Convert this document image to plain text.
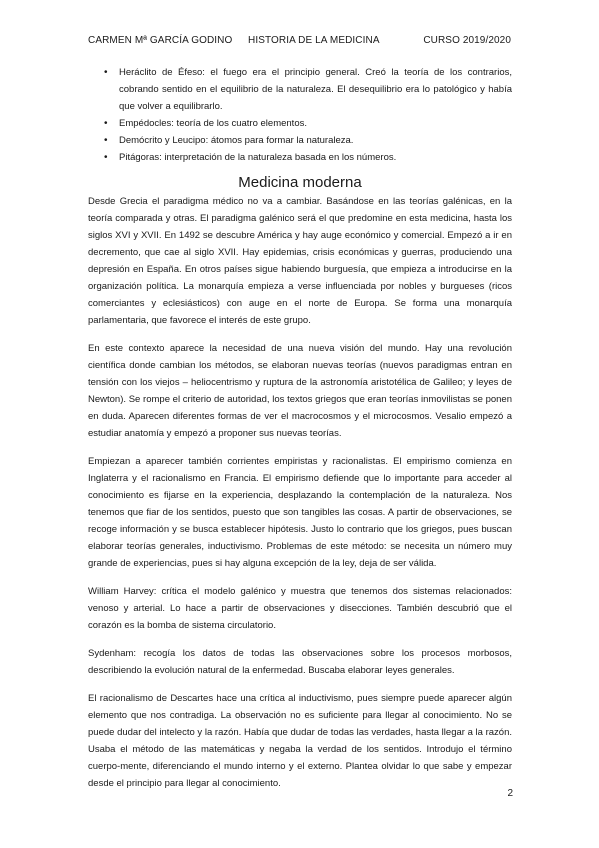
CARMEN Mª GARCÍA GODINO	HISTORIA DE LA MEDICINA	CURSO 2019/2020
• Heráclito de Éfeso: el fuego era el principio general. Creó la teoría de los contrarios, cobrando sentido en el equilibrio de la naturaleza. El desequilibrio era lo patológico y había que volver a equilibrarlo.
• Empédocles: teoría de los cuatro elementos.
• Demócrito y Leucipo: átomos para formar la naturaleza.
• Pitágoras: interpretación de la naturaleza basada en los números.
Medicina moderna

Desde Grecia el paradigma médico no va a cambiar. Basándose en las teorías galénicas, en la teoría comparada y otras. El paradigma galénico será el que predomine en esta medicina, hasta los siglos XVI y XVII. En 1492 se descubre América y hay auge económico y comercial. Empezó a ir en decremento, que cae al siglo XVII. Hay epidemias, crisis económicas y guerras, produciendo una depresión en España. En otros países sigue habiendo burguesía, que empieza a introducirse en la organización política. La monarquía empieza a verse influenciada por nobles y burgueses (ricos comerciantes y eclesiásticos) con auge en el norte de Europa. Se forma una monarquía parlamentaria, que favorece el interés de este grupo.

En este contexto aparece la necesidad de una nueva visión del mundo. Hay una revolución científica donde cambian los métodos, se elaboran nuevas teorías (nuevos paradigmas entran en tensión con los viejos – heliocentrismo y ruptura de la astronomía aristotélica de Galileo; y leyes de Newton). Se rompe el criterio de autoridad, los textos griegos que eran teorías inmovilistas se ponen en duda. Aparecen diferentes formas de ver el macrocosmos y el microcosmos. Vesalio empezó a estudiar anatomía y empezó a proponer sus nuevas teorías.

Empiezan a aparecer también corrientes empiristas y racionalistas. El empirismo comienza en Inglaterra y el racionalismo en Francia. El empirismo defiende que lo importante para acceder al conocimiento es fijarse en la experiencia, desplazando la contemplación de la naturaleza. Nos tenemos que fiar de los sentidos, puesto que son tangibles las cosas. A partir de observaciones, se recoge información y se busca establecer hipótesis. Justo lo contrario que los griegos, pues buscan elaborar teorías generales, inductivismo. Problemas de este método: se necesita un número muy grande de experiencias, pues si hay alguna excepción de la ley, deja de ser válida.

William Harvey: crítica el modelo galénico y muestra que tenemos dos sistemas relacionados: venoso y arterial. Lo hace a partir de observaciones y disecciones. También descubrió que el corazón es la bomba de sistema circulatorio.

Sydenham: recogía los datos de todas las observaciones sobre los procesos morbosos, describiendo la evolución natural de la enfermedad. Buscaba elaborar leyes generales.

El racionalismo de Descartes hace una crítica al inductivismo, pues siempre puede aparecer algún elemento que nos contradiga. La observación no es suficiente para llegar al conocimiento. No se puede dudar del intelecto y la razón. Había que dudar de todas las verdades, hasta llegar a la razón. Usaba el método de las matemáticas y negaba la verdad de los sentidos. Introdujo el término cuerpo-mente, diferenciando el mundo interno y el externo. Plantea olvidar lo que sabe y empezar desde el principio para llegar al conocimiento.

2
